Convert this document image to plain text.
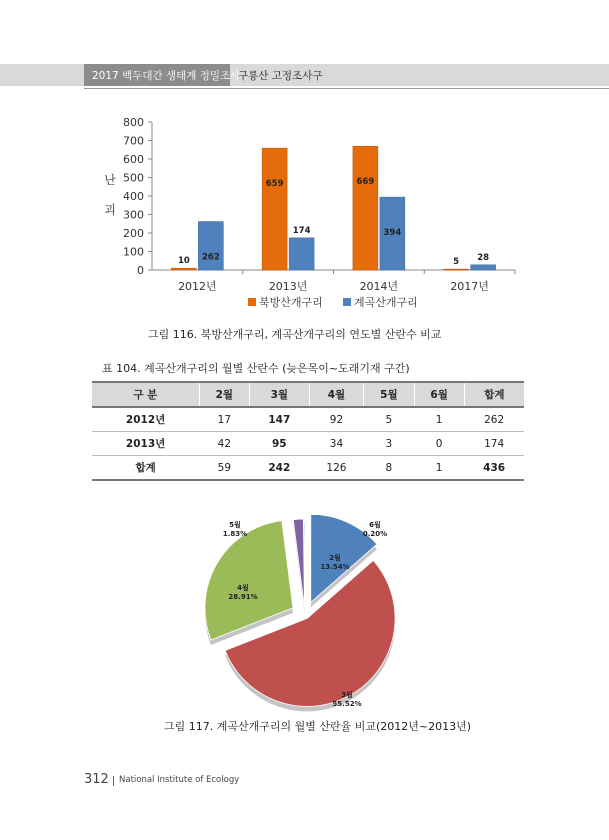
2017 백두대간 생태계 정밀조사
구룡산 고정조사구
0
100
200
300
400
500
600
700
800
난 괴
2012년	2013년	2014년	2017년
10 262
659
174
669
394
5 28
북방산개구리	계곡산개구리
그림 116. 북방산개구리, 계곡산개구리의 연도별 산란수 비교
표 104. 계곡산개구리의 월별 산란수 (늦은목이~도래기재 구간)
구 분	2월	3월	4월	5월	6월	합계
2012년	17	147	92	5	1	262
2013년	42	95	34	3	0	174
합계	59	242	126	8	1	436
2월 13.54%
3월 55.52%
4월 28.91%
5월 1.83%
6월 0.20%
그림 117. 계곡산개구리의 월별 산란율 비교(2012년~2013년)
312 National Institute of Ecology
